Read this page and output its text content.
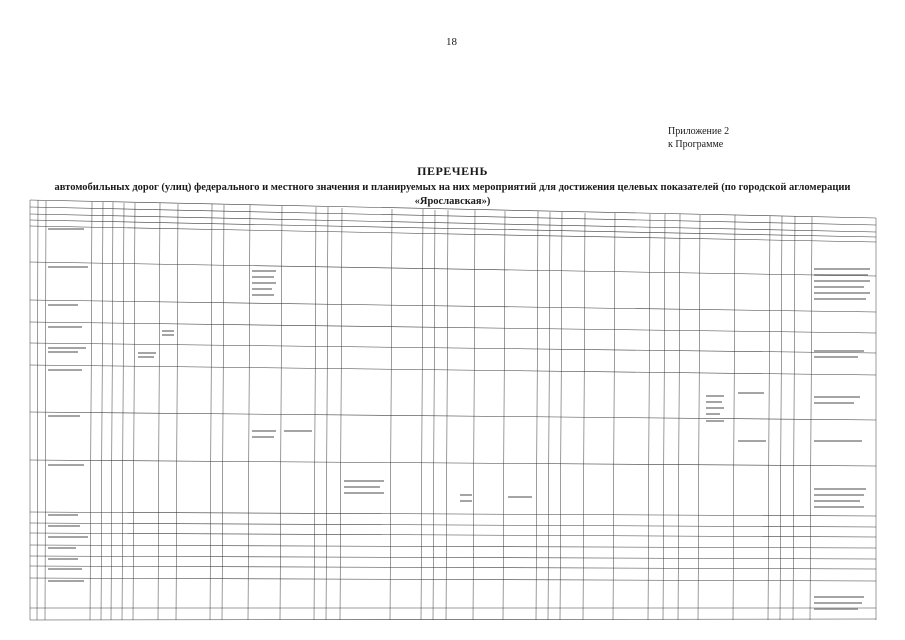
18
Приложение 2
к Программе
ПЕРЕЧЕНЬ
автомобильных дорог (улиц) федерального и местного значения и планируемых на них мероприятий для достижения целевых показателей (по городской агломерации «Ярославская»)
